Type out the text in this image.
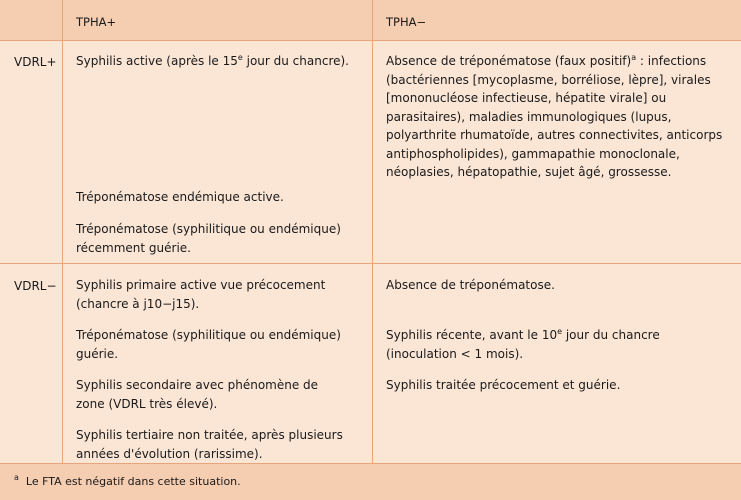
TPHA+	TPHA−
VDRL+ Syphilis active (après le 15e jour du chancre).

Tréponématose endémique active.

Tréponématose (syphilitique ou endémique) récemment guérie.

Absence de tréponématose (faux positif)$^a$ : infections (bactériennes [mycoplasme, borréliose, lèpre], virales [mononucléose infectieuse, hépatite virale] ou parasitaires), maladies immunologiques (lupus, polyarthrite rhumatoïde, autres connectivites, anticorps antiphospholipides), gammapathie monoclonale, néoplasies, hépatopathie, sujet âgé, grossesse.

VDRL− Syphilis primaire active vue précocement (chancre à j10−j15).

Tréponématose (syphilitique ou endémique) guérie.

Syphilis secondaire avec phénomène de zone (VDRL très élevé).

Syphilis tertiaire non traitée, après plusieurs années d'évolution (rarissime).

Absence de tréponématose.

Syphilis récente, avant le 10e jour du chancre (inoculation < 1 mois).

Syphilis traitée précocement et guérie.

$^a$ Le FTA est négatif dans cette situation.
